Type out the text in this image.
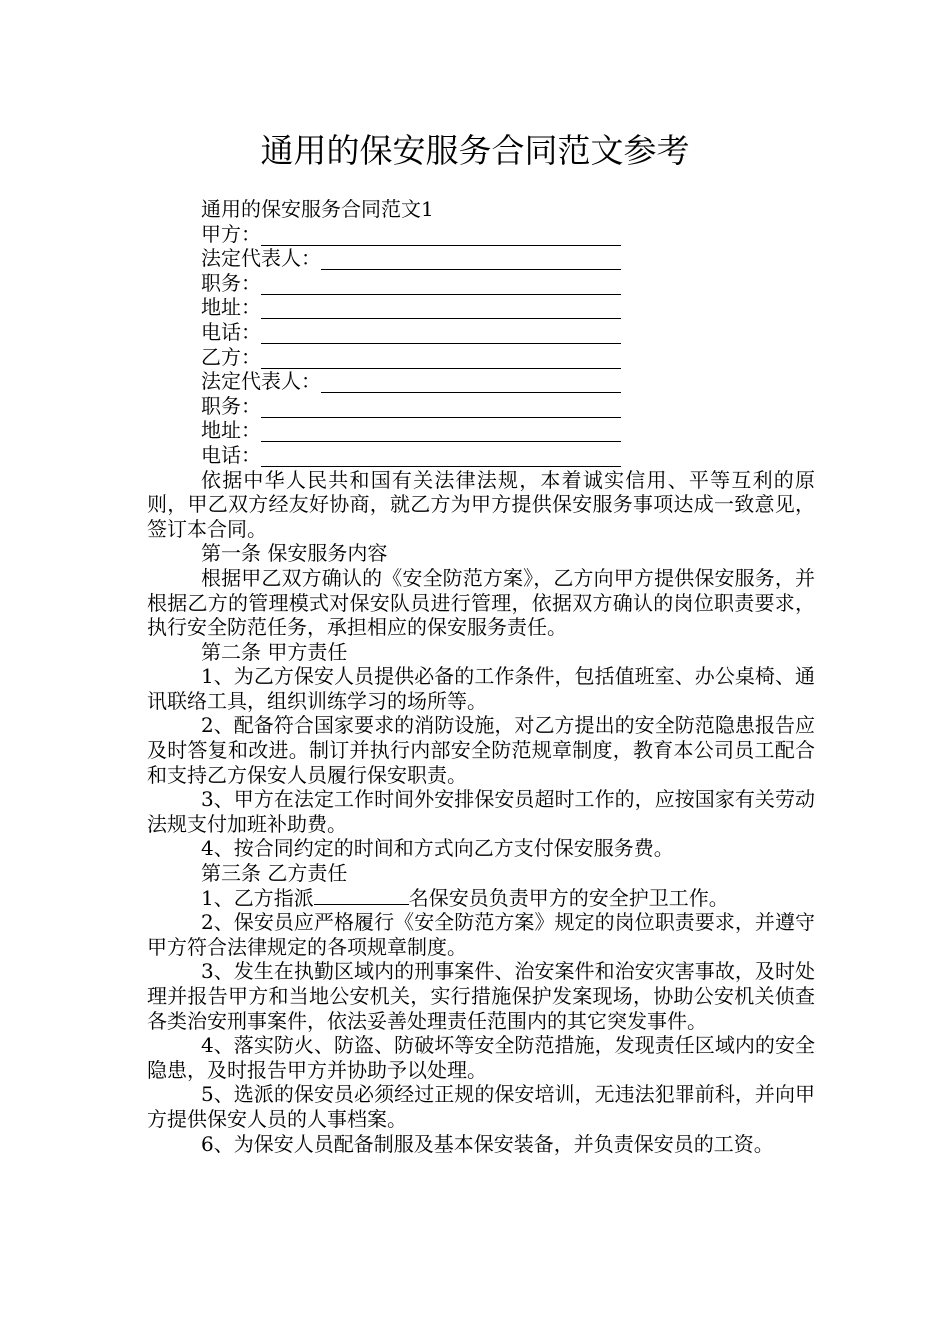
通用的保安服务合同范文参考
通用的保安服务合同范文1
甲方：
法定代表人：
职务：
地址：
电话：
乙方：
法定代表人：
职务：
地址：
电话：

依据中华人民共和国有关法律法规，本着诚实信用、平等互利的原则，甲乙双方经友好协商，就乙方为甲方提供保安服务事项达成一致意见，签订本合同。

第一条 保安服务内容

根据甲乙双方确认的《安全防范方案》，乙方向甲方提供保安服务，并根据乙方的管理模式对保安队员进行管理，依据双方确认的岗位职责要求，执行安全防范任务，承担相应的保安服务责任。

第二条 甲方责任

1、为乙方保安人员提供必备的工作条件，包括值班室、办公桌椅、通讯联络工具，组织训练学习的场所等。

2、配备符合国家要求的消防设施，对乙方提出的安全防范隐患报告应及时答复和改进。制订并执行内部安全防范规章制度，教育本公司员工配合和支持乙方保安人员履行保安职责。

3、甲方在法定工作时间外安排保安员超时工作的，应按国家有关劳动法规支付加班补助费。

4、按合同约定的时间和方式向乙方支付保安服务费。

第三条 乙方责任

1、乙方指派	名保安员负责甲方的安全护卫工作。

2、保安员应严格履行《安全防范方案》规定的岗位职责要求，并遵守甲方符合法律规定的各项规章制度。

3、发生在执勤区域内的刑事案件、治安案件和治安灾害事故，及时处理并报告甲方和当地公安机关，实行措施保护发案现场，协助公安机关侦查各类治安刑事案件，依法妥善处理责任范围内的其它突发事件。

4、落实防火、防盗、防破坏等安全防范措施，发现责任区域内的安全隐患，及时报告甲方并协助予以处理。

5、选派的保安员必须经过正规的保安培训，无违法犯罪前科，并向甲方提供保安人员的人事档案。

6、为保安人员配备制服及基本保安装备，并负责保安员的工资。
